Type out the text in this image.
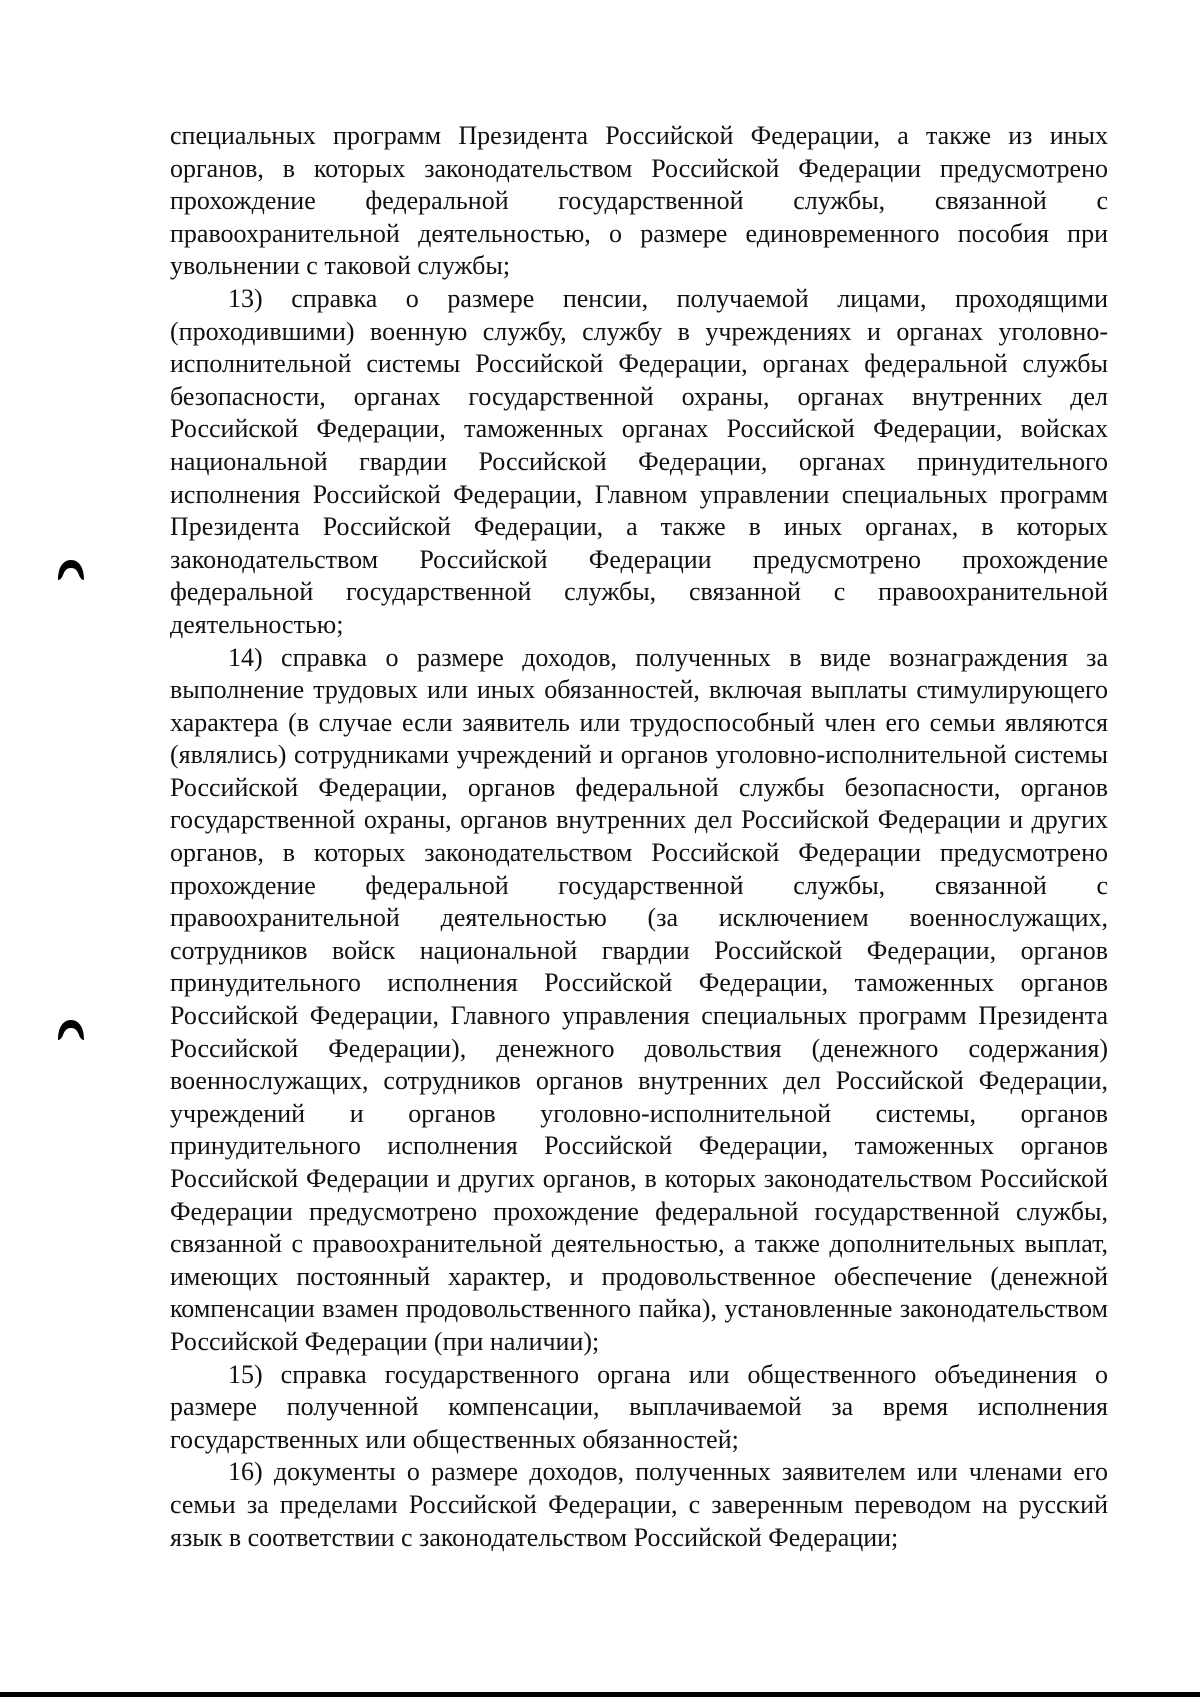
специальных программ Президента Российской Федерации, а также из иных органов, в которых законодательством Российской Федерации предусмотрено прохождение федеральной государственной службы, связанной с правоохранительной деятельностью, о размере единовременного пособия при увольнении с таковой службы;

13) справка о размере пенсии, получаемой лицами, проходящими (проходившими) военную службу, службу в учреждениях и органах уголовно-исполнительной системы Российской Федерации, органах федеральной службы безопасности, органах государственной охраны, органах внутренних дел Российской Федерации, таможенных органах Российской Федерации, войсках национальной гвардии Российской Федерации, органах принудительного исполнения Российской Федерации, Главном управлении специальных программ Президента Российской Федерации, а также в иных органах, в которых законодательством Российской Федерации предусмотрено прохождение федеральной государственной службы, связанной с правоохранительной деятельностью;

14) справка о размере доходов, полученных в виде вознаграждения за выполнение трудовых или иных обязанностей, включая выплаты стимулирующего характера (в случае если заявитель или трудоспособный член его семьи являются (являлись) сотрудниками учреждений и органов уголовно-исполнительной системы Российской Федерации, органов федеральной службы безопасности, органов государственной охраны, органов внутренних дел Российской Федерации и других органов, в которых законодательством Российской Федерации предусмотрено прохождение федеральной государственной службы, связанной с правоохранительной деятельностью (за исключением военнослужащих, сотрудников войск национальной гвардии Российской Федерации, органов принудительного исполнения Российской Федерации, таможенных органов Российской Федерации, Главного управления специальных программ Президента Российской Федерации), денежного довольствия (денежного содержания) военнослужащих, сотрудников органов внутренних дел Российской Федерации, учреждений и органов уголовно-исполнительной системы, органов принудительного исполнения Российской Федерации, таможенных органов Российской Федерации и других органов, в которых законодательством Российской Федерации предусмотрено прохождение федеральной государственной службы, связанной с правоохранительной деятельностью, а также дополнительных выплат, имеющих постоянный характер, и продовольственное обеспечение (денежной компенсации взамен продовольственного пайка), установленные законодательством Российской Федерации (при наличии);

15) справка государственного органа или общественного объединения о размере полученной компенсации, выплачиваемой за время исполнения государственных или общественных обязанностей;

16) документы о размере доходов, полученных заявителем или членами его семьи за пределами Российской Федерации, с заверенным переводом на русский язык в соответствии с законодательством Российской Федерации;
